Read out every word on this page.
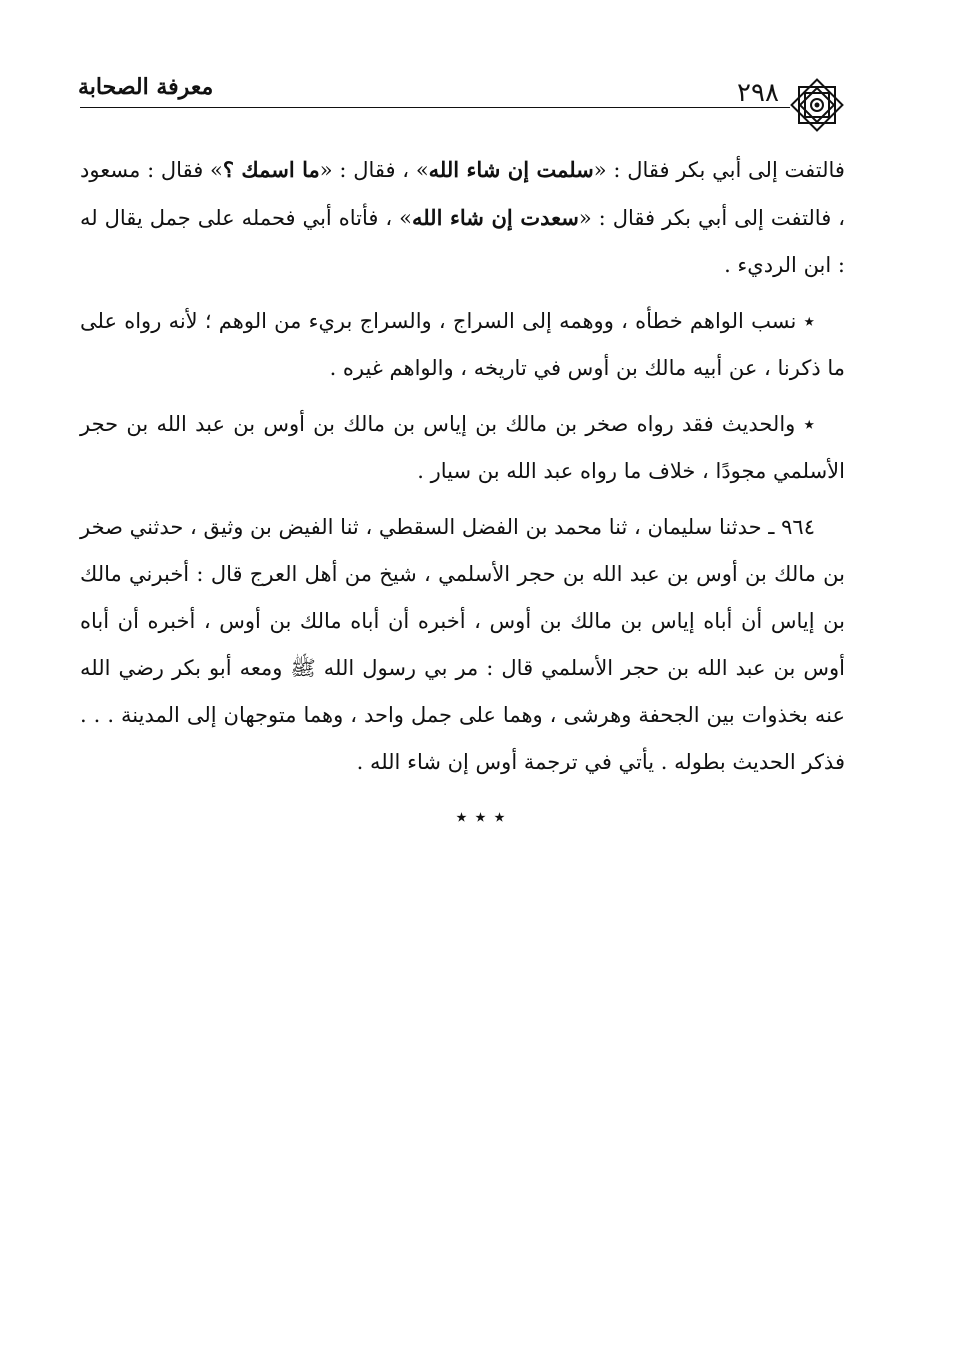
٢٩٨
معرفة الصحابة

فالتفت إلى أبي بكر فقال : «سلمت إن شاء الله» ، فقال : «ما اسمك ؟» فقال : مسعود ، فالتفت إلى أبي بكر فقال : «سعدت إن شاء الله» ، فأتاه أبي فحمله على جمل يقال له : ابن الرديء .

٭ نسب الواهم خطأه ، ووهمه إلى السراج ، والسراج بريء من الوهم ؛ لأنه رواه على ما ذكرنا ، عن أبيه مالك بن أوس في تاريخه ، والواهم غيره .

٭ والحديث فقد رواه صخر بن مالك بن إياس بن مالك بن أوس بن عبد الله بن حجر الأسلمي مجودًا ، خلاف ما رواه عبد الله بن سيار .

٩٦٤ ـ حدثنا سليمان ، ثنا محمد بن الفضل السقطي ، ثنا الفيض بن وثيق ، حدثني صخر بن مالك بن أوس بن عبد الله بن حجر الأسلمي ، شيخ من أهل العرج قال : أخبرني مالك بن إياس أن أباه إياس بن مالك بن أوس ، أخبره أن أباه مالك بن أوس ، أخبره أن أباه أوس بن عبد الله بن حجر الأسلمي قال : مر بي رسول الله ﷺ ومعه أبو بكر رضي الله عنه بخذوات بين الجحفة وهرشى ، وهما على جمل واحد ، وهما متوجهان إلى المدينة . . . فذكر الحديث بطوله . يأتي في ترجمة أوس إن شاء الله .

٭ ٭ ٭
